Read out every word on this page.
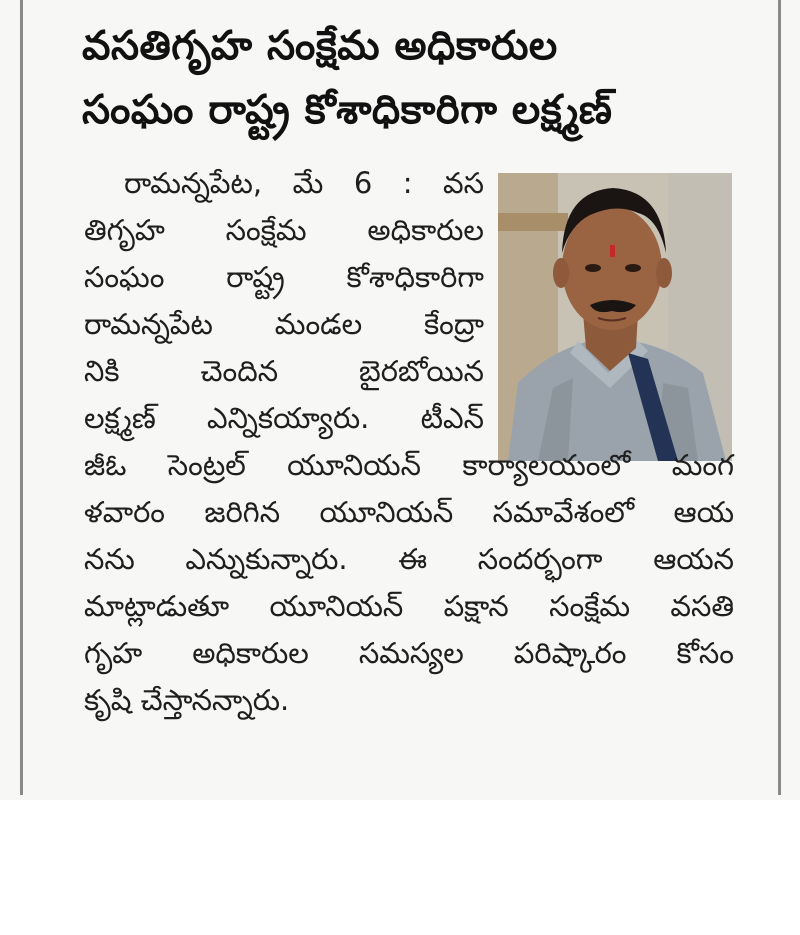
వసతిగృహ సంక్షేమ అధికారుల
సంఘం రాష్ట్ర కోశాధికారిగా లక్ష్మణ్
రామన్నపేట, మే 6 : వస
తిగృహ సంక్షేమ అధికారుల
సంఘం రాష్ట్ర కోశాధికారిగా
రామన్నపేట మండల కేంద్రా
నికి చెందిన బైరబోయిన
లక్ష్మణ్ ఎన్నికయ్యారు. టీఎన్
జీఓ సెంట్రల్ యూనియన్ కార్యాలయంలో మంగ
ళవారం జరిగిన యూనియన్ సమావేశంలో ఆయ
నను ఎన్నుకున్నారు. ఈ సందర్భంగా ఆయన
మాట్లాడుతూ యూనియన్ పక్షాన సంక్షేమ వసతి
గృహ అధికారుల సమస్యల పరిష్కారం కోసం
కృషి చేస్తానన్నారు.
